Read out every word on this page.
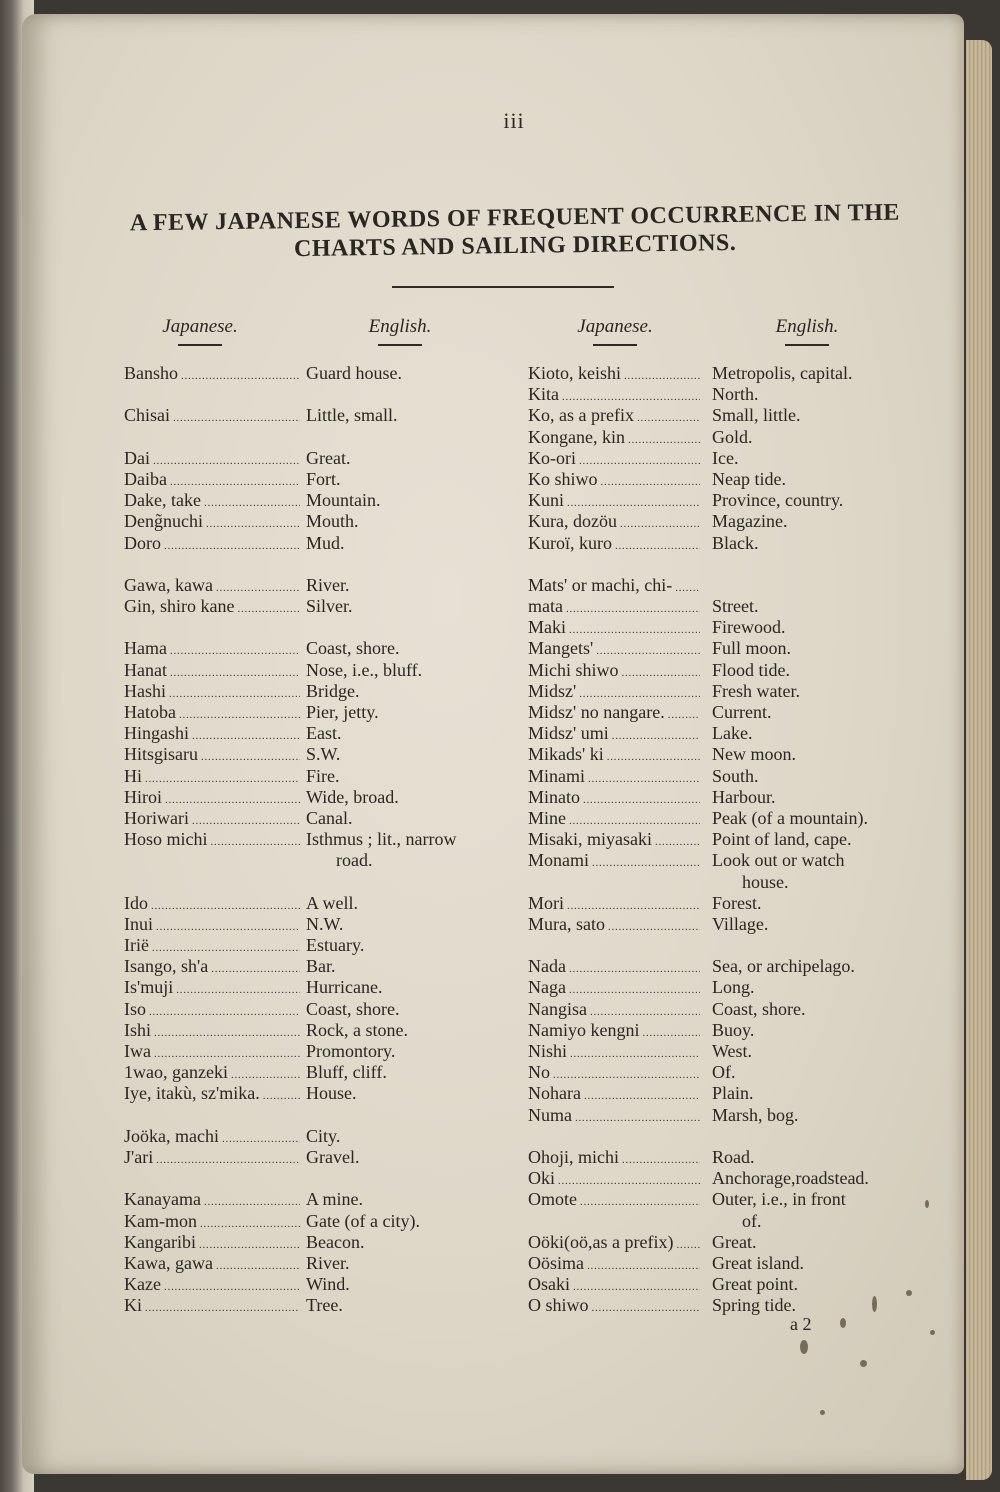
iii
A FEW JAPANESE WORDS OF FREQUENT OCCURRENCE IN THE
CHARTS AND SAILING DIRECTIONS.
Japanese.	English.	Japanese.	English.
Bansho . . .	Guard house.
Chisai . . .	Little, small.
Dai . . .	Great.
Daiba . . .	Fort.
Dake, take . . .	Mountain.
Deng̃nuchi . . .	Mouth.
Doro . . .	Mud.
Gawa, kawa . . .	River.
Gin, shiro kane . . .	Silver.
Hama . . .	Coast, shore.
Hanat . . .	Nose, i.e., bluff.
Hashi . . .	Bridge.
Hatoba . . .	Pier, jetty.
Hingashi . . .	East.
Hitsgisaru . . .	S.W.
Hi . . .	Fire.
Hiroi . . .	Wide, broad.
Horiwari . . .	Canal.
Hoso michi . . .	Isthmus ; lit., narrow
road.
Ido . . .	A well.
Inui . . .	N.W.
Irië . . .	Estuary.
Isango, sh'a . . .	Bar.
Is'muji . . .	Hurricane.
Iso . . .	Coast, shore.
Ishi . . .	Rock, a stone.
Iwa . . .	Promontory.
1wao, ganzeki . . .	Bluff, cliff.
Iye, itakù, sz'mika. . . .	House.
Joöka, machi . . .	City.
J'ari . . .	Gravel.
Kanayama . . .	A mine.
Kam-mon . . .	Gate (of a city).
Kangaribi . . .	Beacon.
Kawa, gawa . . .	River.
Kaze . . .	Wind.
Ki . . .	Tree.
Kioto, keishi . . .	Metropolis, capital.
Kita . . .	North.
Ko, as a prefix . . .	Small, little.
Kongane, kin . . .	Gold.
Ko-ori . . .	Ice.
Ko shiwo . . .	Neap tide.
Kuni . . .	Province, country.
Kura, dozöu . . .	Magazine.
Kuroï, kuro . . .	Black.
Mats' or machi, chi- . . .
mata . . .	Street.
Maki . . .	Firewood.
Mangets' . . .	Full moon.
Michi shiwo . . .	Flood tide.
Midsz' . . .	Fresh water.
Midsz' no nangare. . . .	Current.
Midsz' umi . . .	Lake.
Mikads' ki . . .	New moon.
Minami . . .	South.
Minato . . .	Harbour.
Mine . . .	Peak (of a mountain).
Misaki, miyasaki . . .	Point of land, cape.
Monami . . .	Look out or watch
house.
Mori . . .	Forest.
Mura, sato . . .	Village.
Nada . . .	Sea, or archipelago.
Naga . . .	Long.
Nangisa . . .	Coast, shore.
Namiyo kengni . . .	Buoy.
Nishi . . .	West.
No . . .	Of.
Nohara . . .	Plain.
Numa . . .	Marsh, bog.
Ohoji, michi . . .	Road.
Oki . . .	Anchorage,roadstead.
Omote . . .	Outer, i.e., in front
of.
Oöki(oö,as a prefix) . . .	Great.
Oösima . . .	Great island.
Osaki . . .	Great point.
O shiwo . . .	Spring tide.
a 2
